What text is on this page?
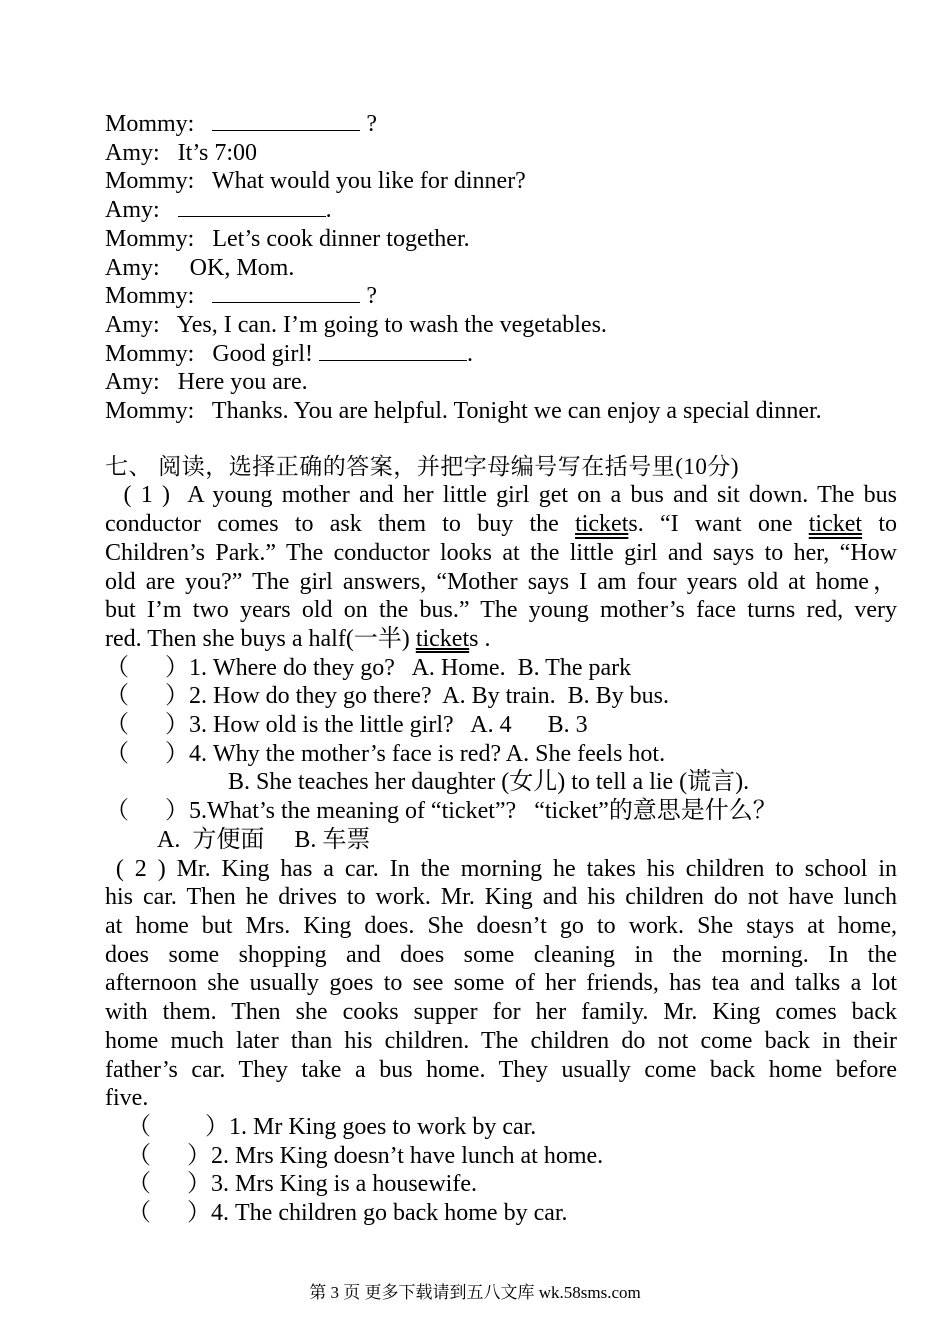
Mommy:	?
Amy: It’s 7:00
Mommy: What would you like for dinner?
Amy:	.
Mommy: Let’s cook dinner together.
Amy: OK, Mom.
Mommy:	?
Amy: Yes, I can. I’m going to wash the vegetables.
Mommy: Good girl!	.
Amy: Here you are.
Mommy: Thanks. You are helpful. Tonight we can enjoy a special dinner.
七、 阅读，选择正确的答案，并把字母编号写在括号里(10分)
( 1 ) A young mother and her little girl get on a bus and sit down. The bus
conductor comes to ask them to buy the tickets. “I want one ticket to
Children’s Park.” The conductor looks at the little girl and says to her, “How
old are you?” The girl answers, “Mother says I am four years old at home，
but I’m two years old on the bus.” The young mother’s face turns red, very
red. Then she buys a half(一半) tickets .
（      ）1. Where do they go?   A. Home.  B. The park
（      ）2. How do they go there?  A. By train.  B. By bus.
（      ）3. How old is the little girl?   A. 4      B. 3
（      ）4. Why the mother’s face is red? A. She feels hot.
B. She teaches her daughter (女儿) to tell a lie (谎言).
（      ）5.What’s the meaning of “ticket”?   “ticket”的意思是什么？
A.  方便面     B. 车票
( 2 ) Mr. King has a car. In the morning he takes his children to school in
his car. Then he drives to work. Mr. King and his children do not have lunch
at home but Mrs. King does. She doesn’t go to work. She stays at home,
does some shopping and does some cleaning in the morning. In the
afternoon she usually goes to see some of her friends, has tea and talks a lot
with them. Then she cooks supper for her family. Mr. King comes back
home much later than his children. The children do not come back in their
father’s car. They take a bus home. They usually come back home before
five.
（         ）1. Mr King goes to work by car.
（      ）2. Mrs King doesn’t have lunch at home.
（      ）3. Mrs King is a housewife.
（      ）4. The children go back home by car.
第 3 页 更多下载请到五八文库 wk.58sms.com
